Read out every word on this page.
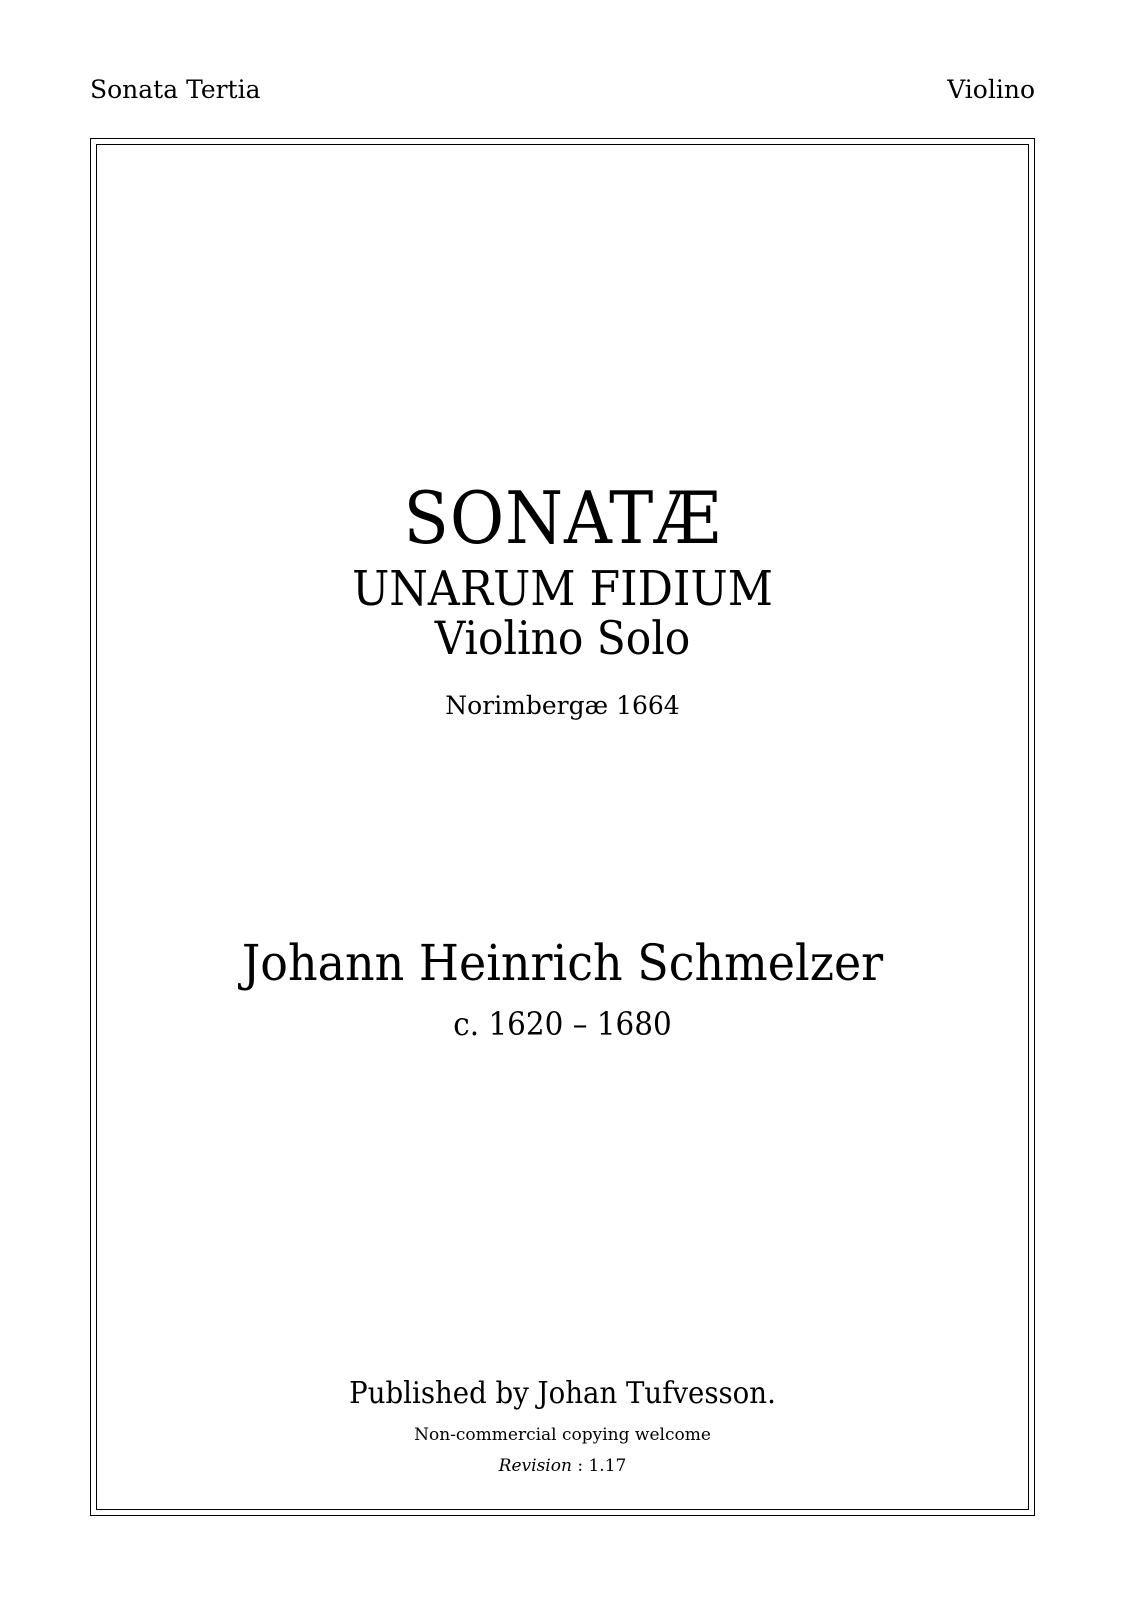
Sonata Tertia	Violino
SONATÆ
UNARUM FIDIUM
Violino Solo
Norimbergæ 1664
Johann Heinrich Schmelzer
c. 1620 – 1680
Published by Johan Tufvesson.
Non-commercial copying welcome
Revision : 1.17
